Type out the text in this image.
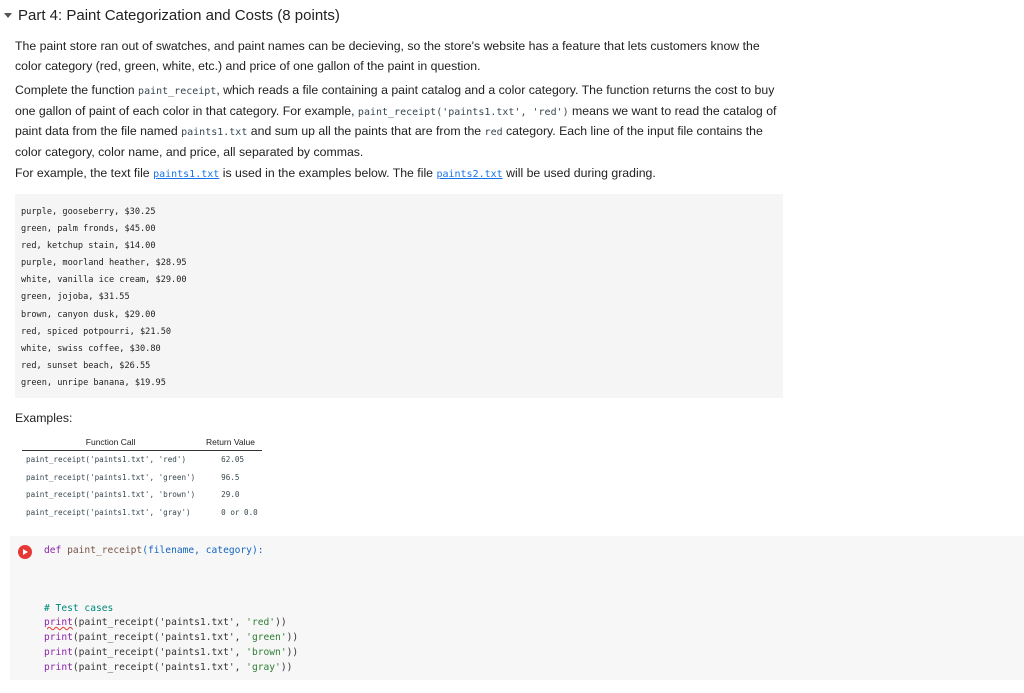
Part 4: Paint Categorization and Costs (8 points)
The paint store ran out of swatches, and paint names can be decieving, so the store's website has a feature that lets customers know the color category (red, green, white, etc.) and price of one gallon of the paint in question.
Complete the function paint_receipt, which reads a file containing a paint catalog and a color category. The function returns the cost to buy one gallon of paint of each color in that category. For example, paint_receipt('paints1.txt', 'red') means we want to read the catalog of paint data from the file named paints1.txt and sum up all the paints that are from the red category. Each line of the input file contains the color category, color name, and price, all separated by commas.
For example, the text file paints1.txt is used in the examples below. The file paints2.txt will be used during grading.
purple, gooseberry, $30.25
green, palm fronds, $45.00
red, ketchup stain, $14.00
purple, moorland heather, $28.95
white, vanilla ice cream, $29.00
green, jojoba, $31.55
brown, canyon dusk, $29.00
red, spiced potpourri, $21.50
white, swiss coffee, $30.80
red, sunset beach, $26.55
green, unripe banana, $19.95
Examples:
Function Call	Return Value
paint_receipt('paints1.txt', 'red')	62.05
paint_receipt('paints1.txt', 'green')	96.5
paint_receipt('paints1.txt', 'brown')	29.0
paint_receipt('paints1.txt', 'gray')	0 or 0.0
def paint_receipt(filename, category):
# Test cases
print(paint_receipt('paints1.txt', 'red'))
print(paint_receipt('paints1.txt', 'green'))
print(paint_receipt('paints1.txt', 'brown'))
print(paint_receipt('paints1.txt', 'gray'))
